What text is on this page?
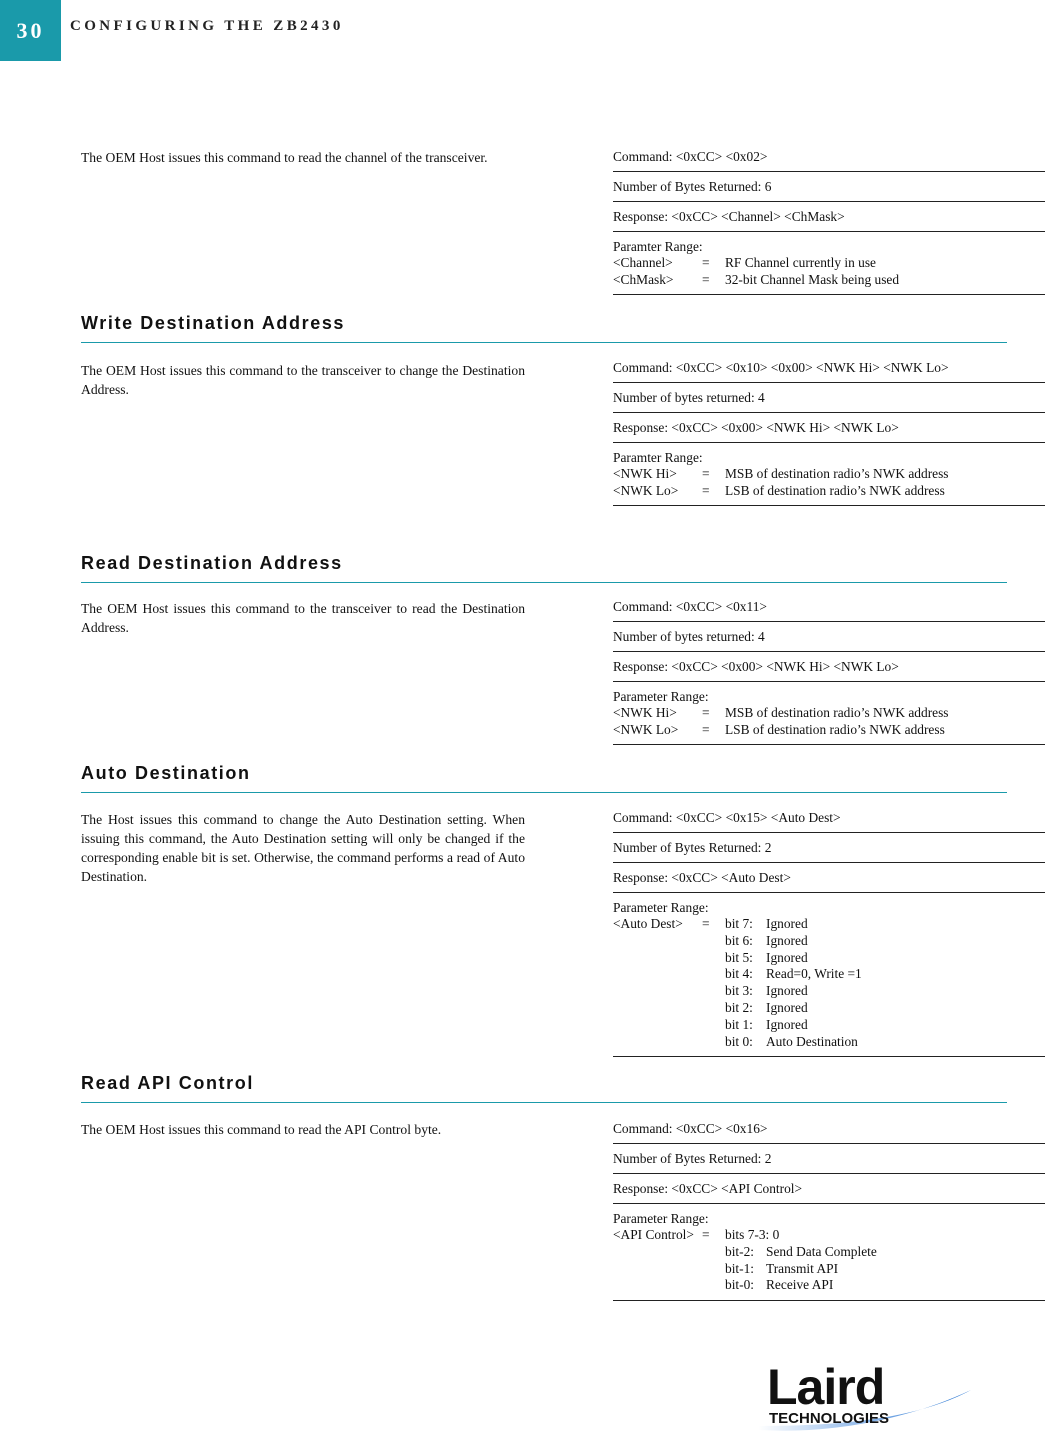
30	CONFIGURING THE ZB2430
The OEM Host issues this command to read the channel of the transceiver.	Command: <0xCC> <0x02>
Number of Bytes Returned: 6
Response: <0xCC> <Channel> <ChMask>
Paramter Range:
<Channel>	=	RF Channel currently in use
<ChMask>	=	32-bit Channel Mask being used
Write Destination Address
The OEM Host issues this command to the transceiver to change the Destination Address.
Command: <0xCC> <0x10> <0x00> <NWK Hi> <NWK Lo>
Number of bytes returned: 4
Response: <0xCC> <0x00> <NWK Hi> <NWK Lo>
Paramter Range:
<NWK Hi>	=	MSB of destination radio’s NWK address
<NWK Lo>	=	LSB of destination radio’s NWK address
Read Destination Address
The OEM Host issues this command to the transceiver to read the Destination Address.
Command: <0xCC> <0x11>
Number of bytes returned: 4
Response: <0xCC> <0x00> <NWK Hi> <NWK Lo>
Parameter Range:
<NWK Hi>	=	MSB of destination radio’s NWK address
<NWK Lo>	=	LSB of destination radio’s NWK address
Auto Destination
The Host issues this command to change the Auto Destination setting. When issuing this command, the Auto Destination setting will only be changed if the corresponding enable bit is set. Otherwise, the command performs a read of Auto Destination.
Command: <0xCC> <0x15> <Auto Dest>
Number of Bytes Returned: 2
Response: <0xCC> <Auto Dest>
Parameter Range:
<Auto Dest>	=	bit 7: Ignored
bit 6: Ignored
bit 5: Ignored
bit 4: Read=0, Write =1
bit 3: Ignored
bit 2: Ignored
bit 1: Ignored
bit 0: Auto Destination
Read API Control
The OEM Host issues this command to read the API Control byte.	Command: <0xCC> <0x16>
Number of Bytes Returned: 2
Response: <0xCC> <API Control>
Parameter Range:
<API Control> =	bits 7-3: 0
bit-2: Send Data Complete
bit-1: Transmit API
bit-0: Receive API
Laird
TECHNOLOGIES
